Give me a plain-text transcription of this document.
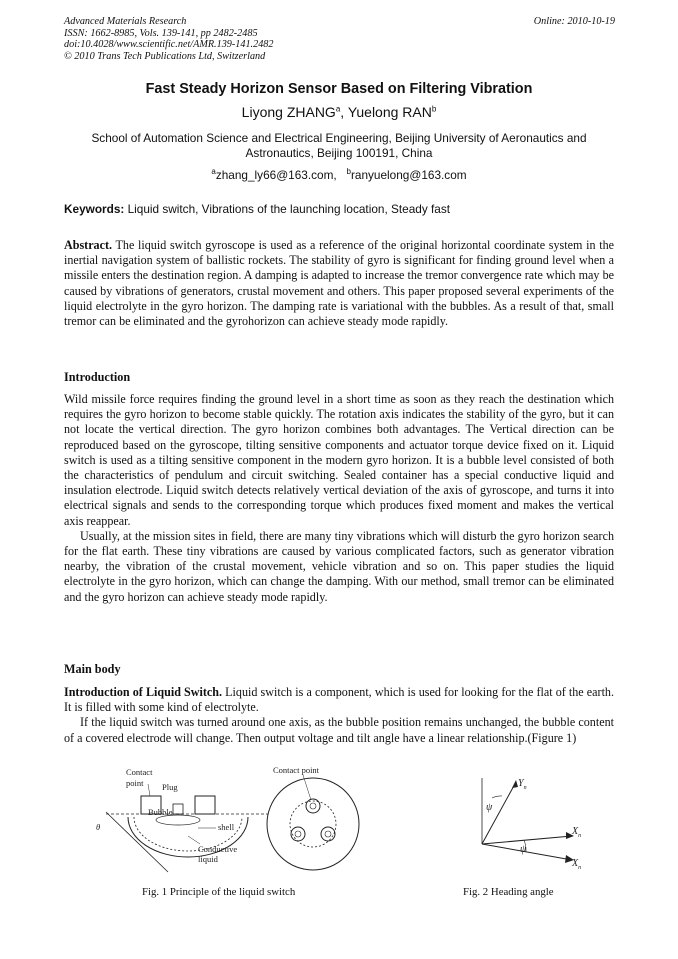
Advanced Materials Research
ISSN: 1662-8985, Vols. 139-141, pp 2482-2485
doi:10.4028/www.scientific.net/AMR.139-141.2482
© 2010 Trans Tech Publications Ltd, Switzerland
Online: 2010-10-19
Fast Steady Horizon Sensor Based on Filtering Vibration
Liyong ZHANG$^a$, Yuelong RAN$^b$
School of Automation Science and Electrical Engineering, Beijing University of Aeronautics and Astronautics, Beijing 100191, China
$^a$zhang_ly66@163.com, $^b$ranyuelong@163.com
Keywords: Liquid switch, Vibrations of the launching location, Steady fast
Abstract. The liquid switch gyroscope is used as a reference of the original horizontal coordinate system in the inertial navigation system of ballistic rockets. The stability of gyro is significant for finding ground level when a missile enters the destination region. A damping is adapted to increase the tremor convergence rate which may be caused by vibrations of generators, crustal movement and others. This paper proposed several experiments of the liquid electrolyte in the gyro horizon. The damping rate is variational with the bubbles. As a result of that, small tremor can be eliminated and the gyrohorizon can achieve steady mode rapidly.
Introduction
Wild missile force requires finding the ground level in a short time as soon as they reach the destination which requires the gyro horizon to become stable quickly. The rotation axis indicates the stability of the gyro, but it can not locate the vertical direction. The gyro horizon combines both advantages. The Vertical direction can be reproduced based on the gyroscope, tilting sensitive components and actuator torque device fixed on it. Liquid switch is used as a tilting sensitive component in the modern gyro horizon. It is a bubble level consisted of both the characteristics of pendulum and circuit switching. Sealed container has a special conductive liquid and insulation electrode. Liquid switch detects relatively vertical deviation of the axis of gyroscope, and turns it into electrical signals and sends to the corresponding torque which produces fixed moment and makes the vertical axis reappear.
Usually, at the mission sites in field, there are many tiny vibrations which will disturb the gyro horizon search for the flat earth. These tiny vibrations are caused by various complicated factors, such as generator vibration nearby, the vibration of the crustal movement, vehicle vibration and so on. This paper studies the liquid electrolyte in the gyro horizon, which can change the damping. With our method, small tremor can be eliminated and the gyro horizon can achieve steady mode rapidly.
Main body
Introduction of Liquid Switch. Liquid switch is a component, which is used for looking for the flat of the earth. It is filled with some kind of electrolyte.
If the liquid switch was turned around one axis, as the bubble position remains unchanged, the bubble content of a covered electrode will change. Then output voltage and tilt angle have a linear relationship.(Figure 1)
Contact
point Plug
Bubble
shell
θ
Conductive
liquid
Contact point
Fig. 1 Principle of the liquid switch
$Y_n$
ψ
ψ
$X_n$
$X_n$
Fig. 2 Heading angle
